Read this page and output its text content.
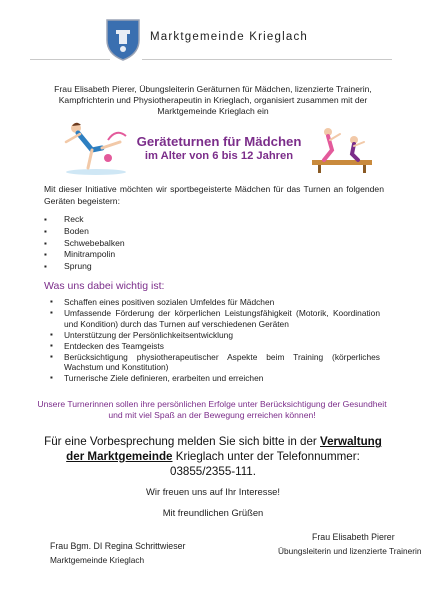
Marktgemeinde Krieglach
Frau Elisabeth Pierer, Übungsleiterin Geräturnen für Mädchen, lizenzierte Trainerin, Kampfrichterin und Physiotherapeutin in Krieglach, organisiert zusammen mit der Marktgemeinde Krieglach ein
Geräteturnen für Mädchen
im Alter von 6 bis 12 Jahren
Mit dieser Initiative möchten wir sportbegeisterte Mädchen für das Turnen an folgenden Geräten begeistern:
▪ Reck
▪ Boden
▪ Schwebebalken
▪ Minitrampolin
▪ Sprung
Was uns dabei wichtig ist:
▪ Schaffen eines positiven sozialen Umfeldes für Mädchen
▪ Umfassende Förderung der körperlichen Leistungsfähigkeit (Motorik, Koordination und Kondition) durch das Turnen auf verschiedenen Geräten
▪ Unterstützung der Persönlichkeitsentwicklung
▪ Entdecken des Teamgeists
▪ Berücksichtigung physiotherapeutischer Aspekte beim Training (körperliches Wachstum und Konstitution)
▪ Turnerische Ziele definieren, erarbeiten und erreichen
Unsere Turnerinnen sollen ihre persönlichen Erfolge unter Berücksichtigung der Gesundheit und mit viel Spaß an der Bewegung erreichen können!
Für eine Vorbesprechung melden Sie sich bitte in der Verwaltung der Marktgemeinde Krieglach unter der Telefonnummer: 03855/2355-111.
Wir freuen uns auf Ihr Interesse!
Mit freundlichen Grüßen
Frau Bgm. DI Regina Schrittwieser
Marktgemeinde Krieglach
Frau Elisabeth Pierer
Übungsleiterin und lizenzierte Trainerin
